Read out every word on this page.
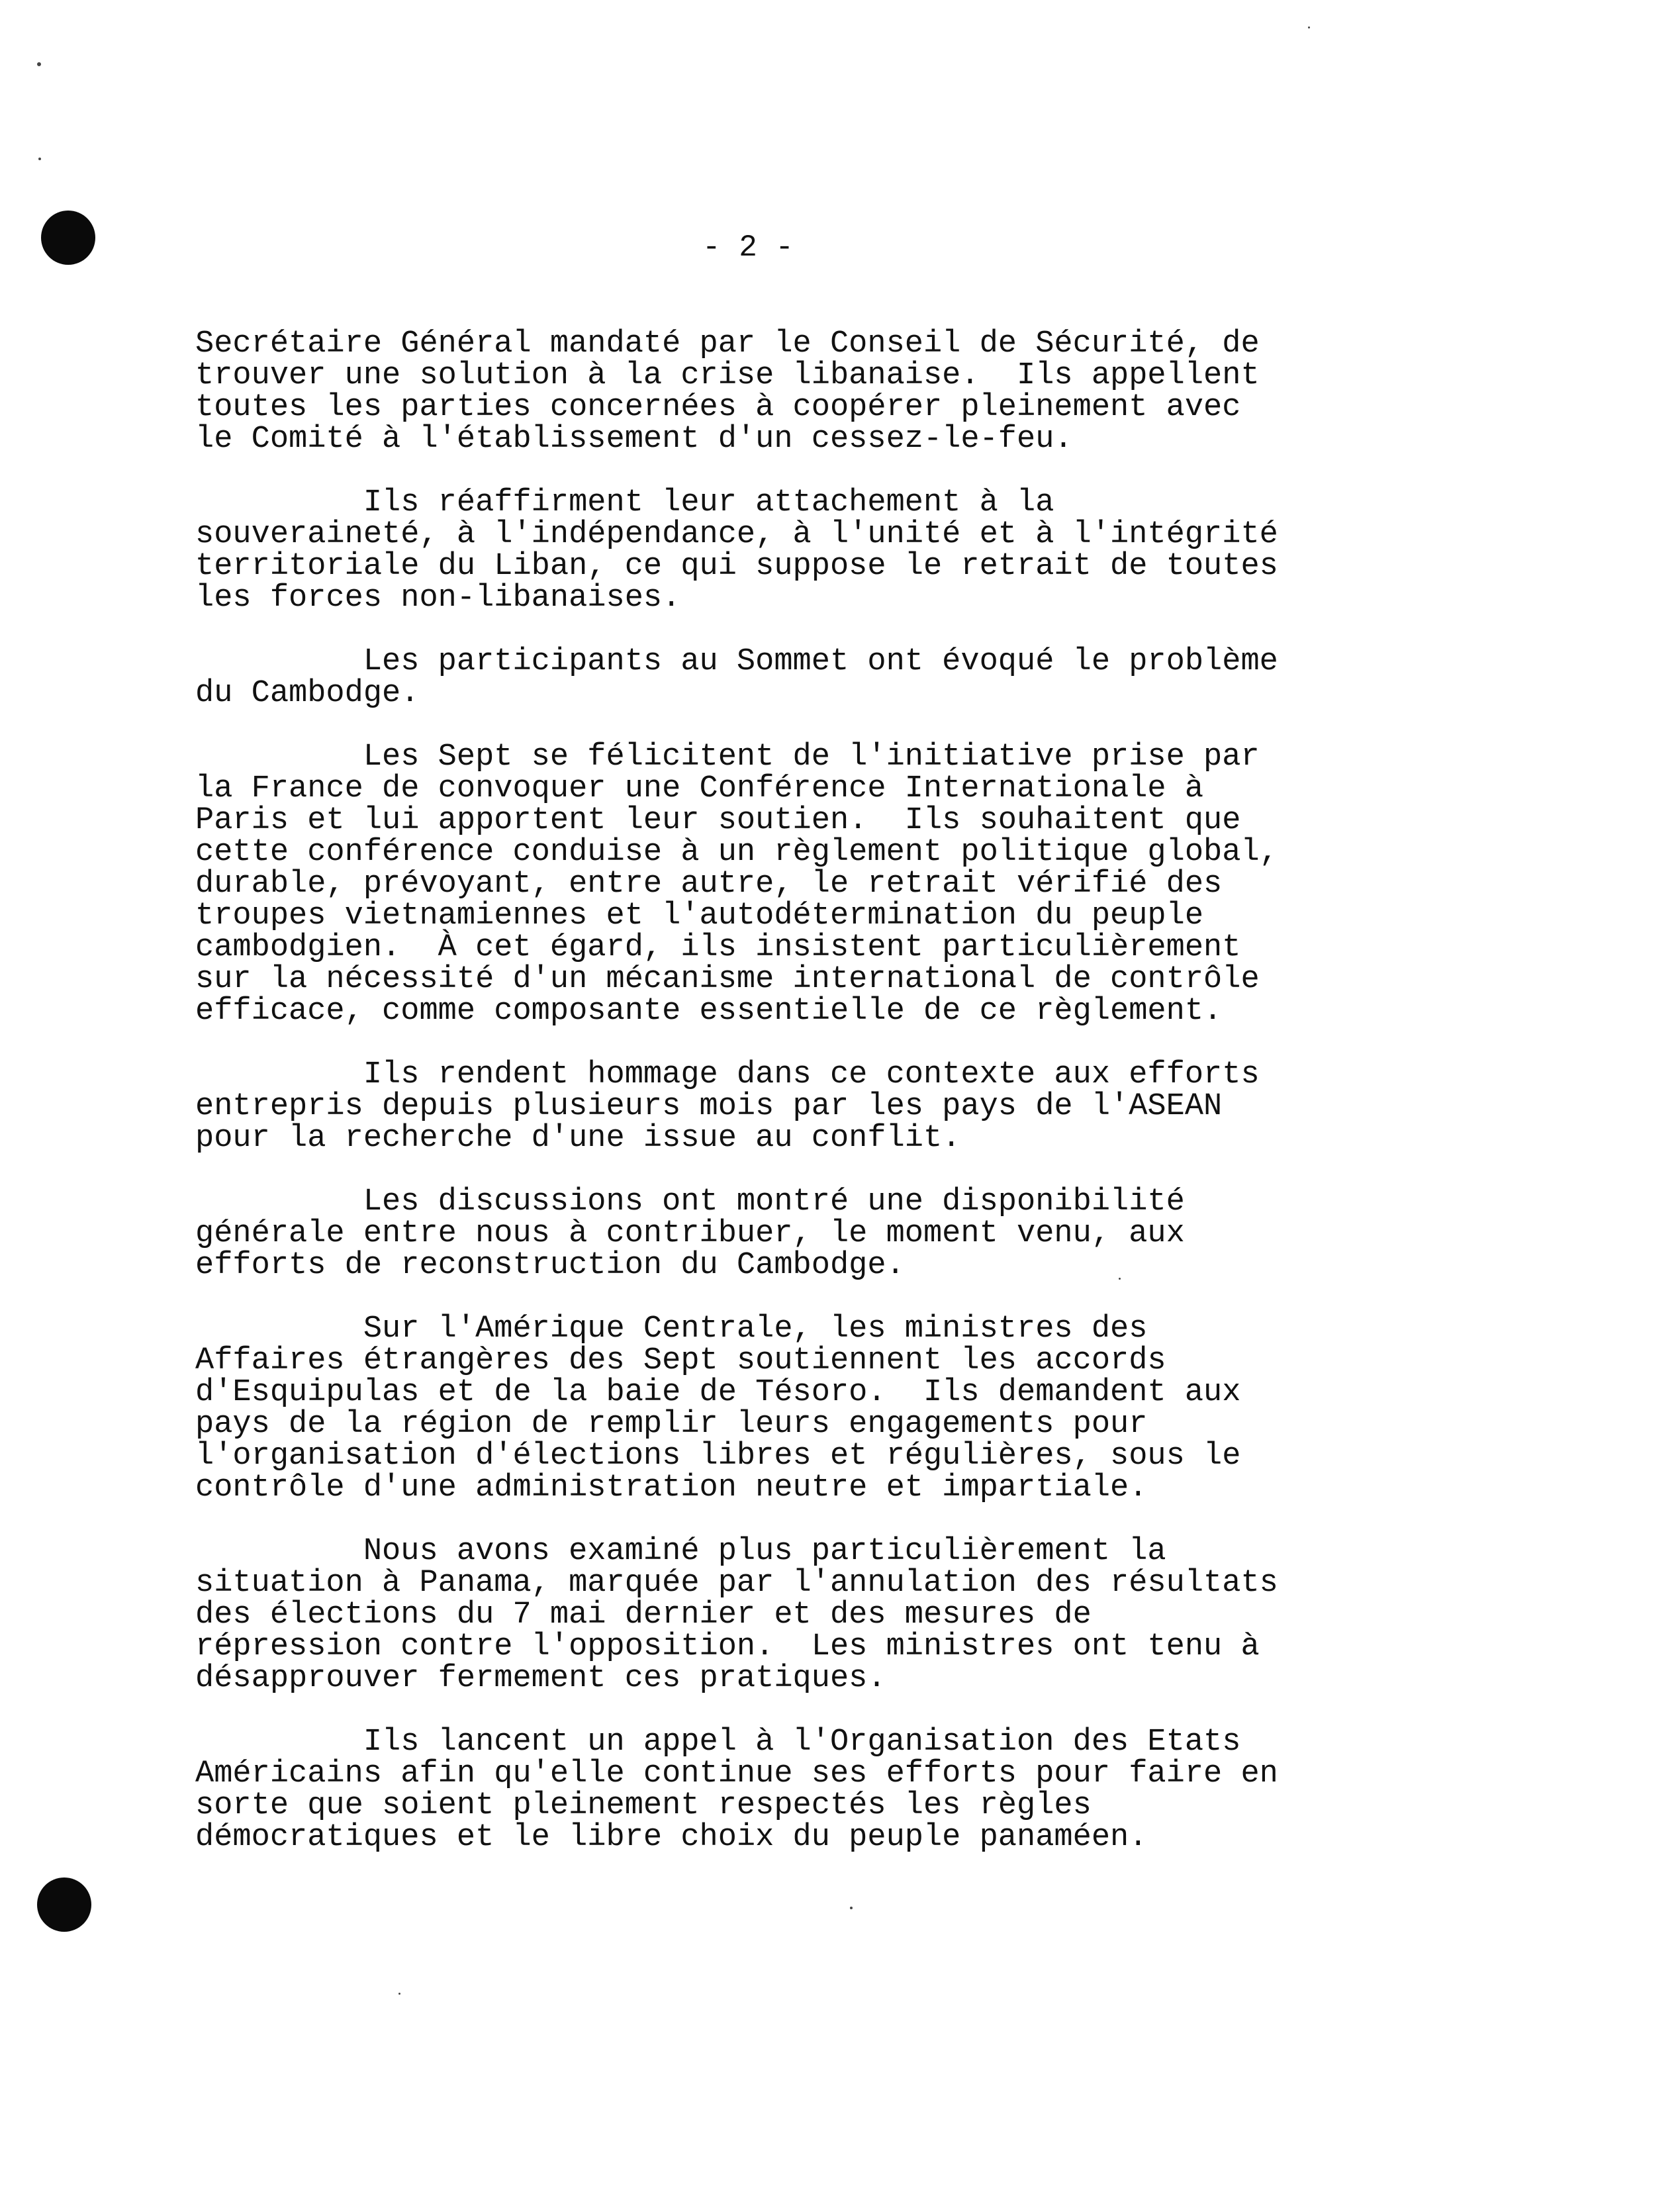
- 2 -

Secrétaire Général mandaté par le Conseil de Sécurité, de
trouver une solution à la crise libanaise.  Ils appellent
toutes les parties concernées à coopérer pleinement avec
le Comité à l'établissement d'un cessez-le-feu.

Ils réaffirment leur attachement à la
souveraineté, à l'indépendance, à l'unité et à l'intégrité
territoriale du Liban, ce qui suppose le retrait de toutes
les forces non-libanaises.

Les participants au Sommet ont évoqué le problème
du Cambodge.

Les Sept se félicitent de l'initiative prise par
la France de convoquer une Conférence Internationale à
Paris et lui apportent leur soutien.  Ils souhaitent que
cette conférence conduise à un règlement politique global,
durable, prévoyant, entre autre, le retrait vérifié des
troupes vietnamiennes et l'autodétermination du peuple
cambodgien.  À cet égard, ils insistent particulièrement
sur la nécessité d'un mécanisme international de contrôle
efficace, comme composante essentielle de ce règlement.

Ils rendent hommage dans ce contexte aux efforts
entrepris depuis plusieurs mois par les pays de l'ASEAN
pour la recherche d'une issue au conflit.

Les discussions ont montré une disponibilité
générale entre nous à contribuer, le moment venu, aux
efforts de reconstruction du Cambodge.

Sur l'Amérique Centrale, les ministres des
Affaires étrangères des Sept soutiennent les accords
d'Esquipulas et de la baie de Tésoro.  Ils demandent aux
pays de la région de remplir leurs engagements pour
l'organisation d'élections libres et régulières, sous le
contrôle d'une administration neutre et impartiale.

Nous avons examiné plus particulièrement la
situation à Panama, marquée par l'annulation des résultats
des élections du 7 mai dernier et des mesures de
répression contre l'opposition.  Les ministres ont tenu à
désapprouver fermement ces pratiques.

Ils lancent un appel à l'Organisation des Etats
Américains afin qu'elle continue ses efforts pour faire en
sorte que soient pleinement respectés les règles
démocratiques et le libre choix du peuple panaméen.
